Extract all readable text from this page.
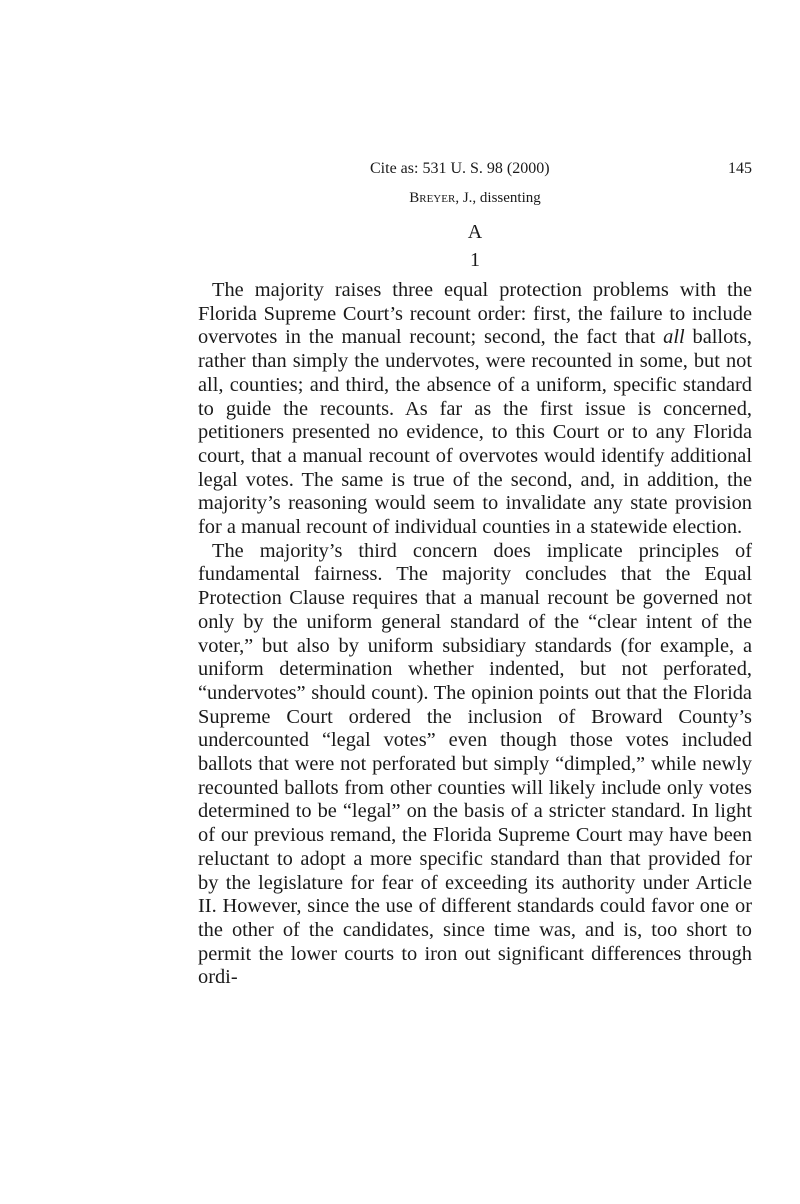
Cite as: 531 U. S. 98 (2000)	145
Breyer, J., dissenting
A
1

The majority raises three equal protection problems with the Florida Supreme Court’s recount order: first, the failure to include overvotes in the manual recount; second, the fact that all ballots, rather than simply the undervotes, were recounted in some, but not all, counties; and third, the absence of a uniform, specific standard to guide the recounts. As far as the first issue is concerned, petitioners presented no evidence, to this Court or to any Florida court, that a manual recount of overvotes would identify additional legal votes. The same is true of the second, and, in addition, the majority’s reasoning would seem to invalidate any state provision for a manual recount of individual counties in a statewide election.

The majority’s third concern does implicate principles of fundamental fairness. The majority concludes that the Equal Protection Clause requires that a manual recount be governed not only by the uniform general standard of the “clear intent of the voter,” but also by uniform subsidiary standards (for example, a uniform determination whether indented, but not perforated, “undervotes” should count). The opinion points out that the Florida Supreme Court ordered the inclusion of Broward County’s undercounted “legal votes” even though those votes included ballots that were not perforated but simply “dimpled,” while newly recounted ballots from other counties will likely include only votes determined to be “legal” on the basis of a stricter standard. In light of our previous remand, the Florida Supreme Court may have been reluctant to adopt a more specific standard than that provided for by the legislature for fear of exceeding its authority under Article II. However, since the use of different standards could favor one or the other of the candidates, since time was, and is, too short to permit the lower courts to iron out significant differences through ordi-
